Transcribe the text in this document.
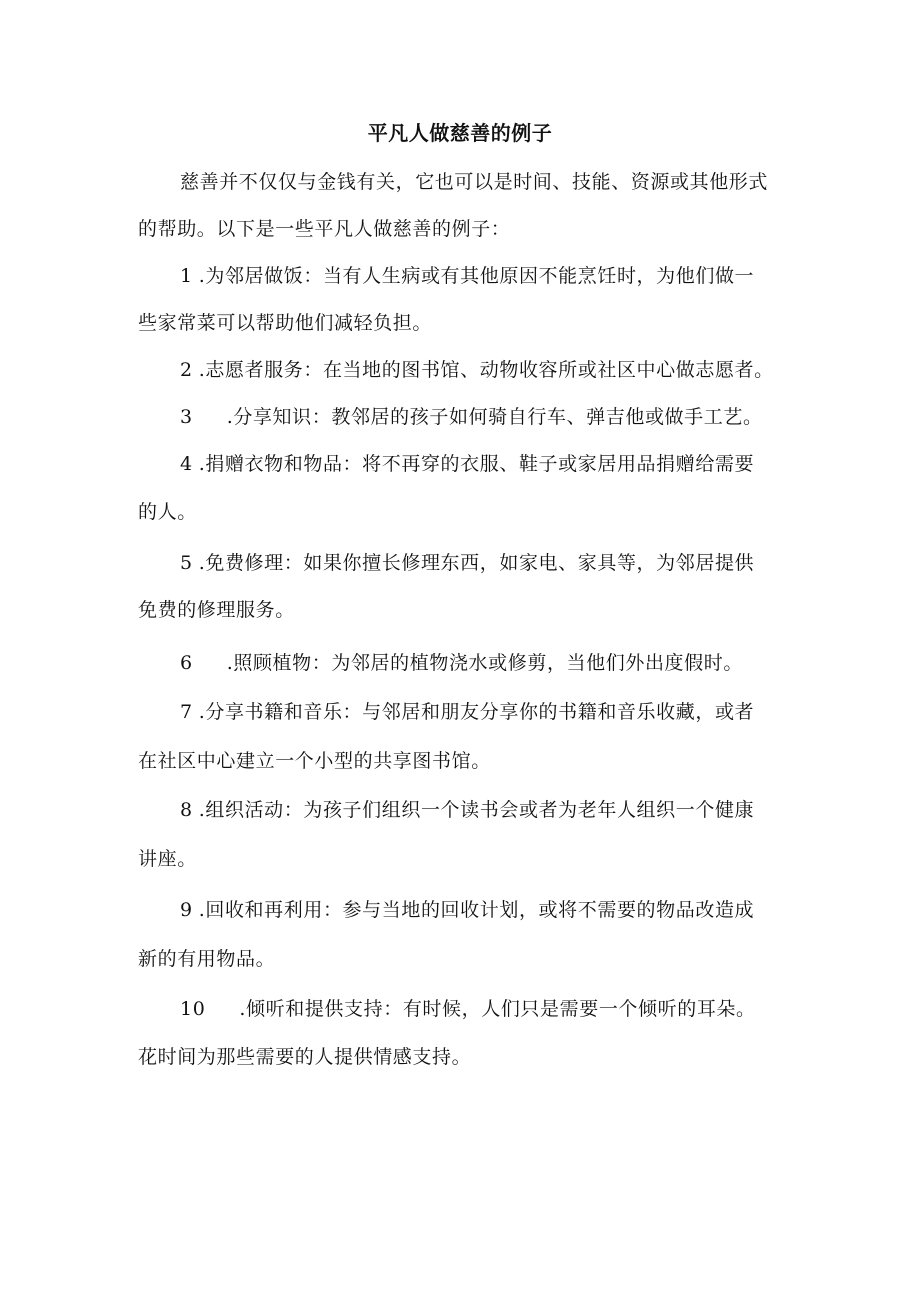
平凡人做慈善的例子
慈善并不仅仅与金钱有关，它也可以是时间、技能、资源或其他形式
的帮助。以下是一些平凡人做慈善的例子：
1 .为邻居做饭：当有人生病或有其他原因不能烹饪时，为他们做一
些家常菜可以帮助他们减轻负担。
2 .志愿者服务：在当地的图书馆、动物收容所或社区中心做志愿者。
3 .分享知识：教邻居的孩子如何骑自行车、弹吉他或做手工艺。
4 .捐赠衣物和物品：将不再穿的衣服、鞋子或家居用品捐赠给需要
的人。
5 .免费修理：如果你擅长修理东西，如家电、家具等，为邻居提供
免费的修理服务。
6 .照顾植物：为邻居的植物浇水或修剪，当他们外出度假时。
7 .分享书籍和音乐：与邻居和朋友分享你的书籍和音乐收藏，或者
在社区中心建立一个小型的共享图书馆。
8 .组织活动：为孩子们组织一个读书会或者为老年人组织一个健康
讲座。
9 .回收和再利用：参与当地的回收计划，或将不需要的物品改造成
新的有用物品。
10 .倾听和提供支持：有时候，人们只是需要一个倾听的耳朵。
花时间为那些需要的人提供情感支持。
